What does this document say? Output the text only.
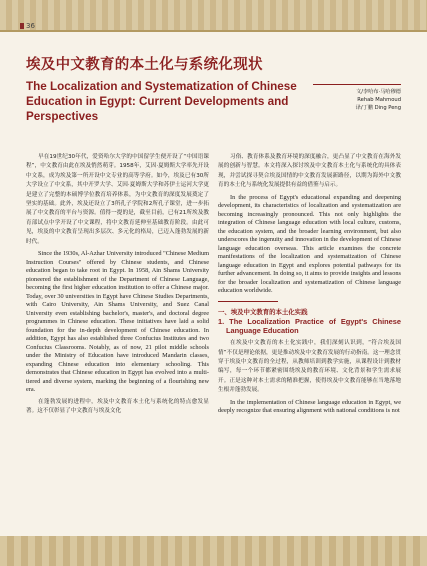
36
埃及中文教育的本土化与系统化现状
The Localization and Systematization of Chinese Education in Egypt: Current Developments and Perspectives
文/李哈布·马哈穆德
Rehab Mahmoud
译/丁鹏 Ding Peng

早在19世纪30年代，爱资哈尔大学的中国留学生便开设了“中国语课程”，中文教育由此在埃及悄然萌芽。1958年，艾因·夏姆斯大学率先开设中文系，成为埃及第一所开设中文专业的高等学府。如今，埃及已有30所大学设立了中文系，其中开罗大学、艾因·夏姆斯大学和苏伊士运河大学更是建立了完整的本硕博学位教育培养体系，为中文教育的深度发展奠定了坚实的基础。此外，埃及还设立了3所孔子学院和2所孔子课堂，进一步拓展了中文教育的平台与资源。值得一提的是，截至目前，已有21所埃及教育部试点中学开设了中文课程，将中文教育延伸至基础教育阶段。由此可见，埃及的中文教育呈现出多层次、多元化的格局，已迈入蓬勃发展的新时代。

Since the 1930s, Al-Azhar University introduced "Chinese Medium Instruction Courses" offered by Chinese students, and Chinese education began to take root in Egypt. In 1958, Ain Shams University pioneered the establishment of the Department of Chinese Language, becoming the first higher education institution to offer a Chinese major. Today, over 30 universities in Egypt have Chinese Studies Departments, with Cairo University, Ain Shams University, and Suez Canal University even establishing bachelor's, master's, and doctoral degree programmes in Chinese education. These initiatives have laid a solid foundation for the in-depth development of Chinese education. In addition, Egypt has also established three Confucius Institutes and two Confucius Classrooms. Notably, as of now, 21 pilot middle schools under the Ministry of Education have introduced Mandarin classes, expanding Chinese education into elementary schooling. This demonstrates that Chinese education in Egypt has evolved into a multi-tiered and diverse system, marking the beginning of a flourishing new era.

在蓬勃发展的进程中，埃及中文教育本土化与系统化的特点愈发显著。这不仅彰显了中文教育与埃及文化

习俗、教育体系及教育环境的深度融合，更凸显了中文教育在海外发展的创新与智慧。本文将深入探讨埃及中文教育本土化与系统化的具体表现，并尝试探寻契合埃及国情的中文教育发展新路径，以期为海外中文教育的本土化与系统化发展提供有益的借鉴与启示。

In the process of Egypt's educational expanding and deepening development, its characteristics of localization and systematization are becoming increasingly pronounced. This not only highlights the integration of Chinese language education with local culture, customs, the education system, and the broader learning environment, but also underscores the ingenuity and innovation in the development of Chinese language education overseas. This article examines the concrete manifestations of the localization and systematization of Chinese language education in Egypt and explores potential pathways for its further advancement. In doing so, it aims to provide insights and lessons for the broader localization and systematization of Chinese language education worldwide.

一、埃及中文教育的本土化实践
1. The Localization Practice of Egypt's Chinese Language Education

在埃及中文教育的本土化实践中，我们深刻认识到，“符合埃及国情”不仅是理论依据，更是推动埃及中文教育发展的行动指南。这一理念贯穿于埃及中文教育的全过程，从教师培训到教学实施，从课程设计到教材编写，每一个环节都紧密围绕埃及的教育环境、文化背景和学生需求展开。正是这种对本土需求的精准把握，使得埃及中文教育能够在当地落地生根并蓬勃发展。

In the implementation of Chinese language education in Egypt, we deeply recognize that ensuring alignment with national conditions is not
